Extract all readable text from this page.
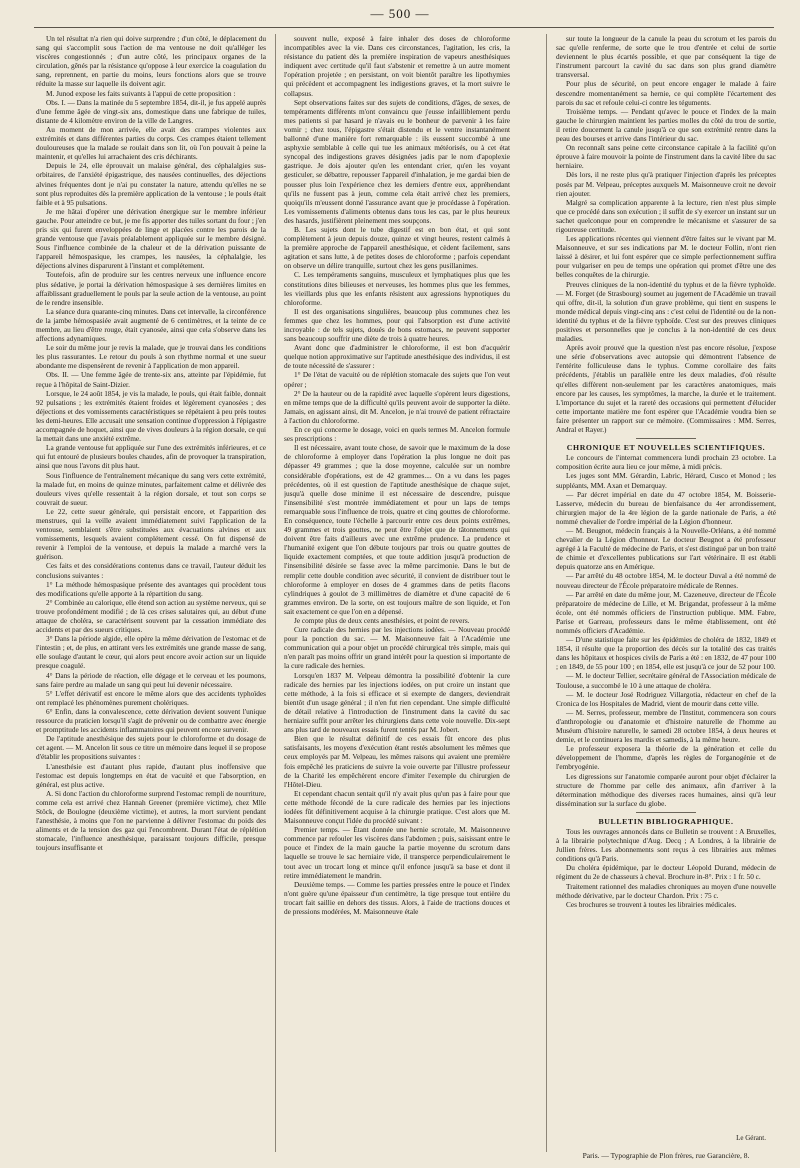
— 500 —

Un tel résultat n'a rien qui doive surprendre ; d'un côté, le déplacement du sang qui s'accomplit sous l'action de ma ventouse ne doit qu'alléger les viscères congestionnés ; d'un autre côté, les principaux organes de la circulation, gênés par la résistance qu'oppose à leur exercice la coagulation du sang, reprennent, en partie du moins, leurs fonctions alors que se trouve réduite la masse sur laquelle ils doivent agir.

M. Junod expose les faits suivants à l'appui de cette proposition :

Obs. I. — Dans la matinée du 5 septembre 1854, dit-il, je fus appelé auprès d'une femme âgée de vingt-six ans, domestique dans une fabrique de tuiles, distante de 4 kilomètre environ de la ville de Langres.

Au moment de mon arrivée, elle avait des crampes violentes aux extrémités et dans différentes parties du corps. Ces crampes étaient tellement douloureuses que la malade se roulait dans son lit, où l'on pouvait à peine la maintenir, et qu'elles lui arrachaient des cris déchirants.

Depuis le 24, elle éprouvait un malaise général, des céphalalgies sus-orbitaires, de l'anxiété épigastrique, des nausées continuelles, des déjections alvines fréquentes dont je n'ai pu constater la nature, attendu qu'elles ne se sont plus reproduites dès la première application de la ventouse ; le pouls était faible et à 95 pulsations.

Je me hâtai d'opérer une dérivation énergique sur le membre inférieur gauche. Pour atteindre ce but, je me fis apporter des tuiles sortant du four ; j'en pris six qui furent enveloppées de linge et placées contre les parois de la grande ventouse que j'avais préalablement appliquée sur le membre désigné. Sous l'influence combinée de la chaleur et de la dérivation puissante de l'appareil hémospasique, les crampes, les nausées, la céphalalgie, les déjections alvines disparurent à l'instant et complétement.

Toutefois, afin de produire sur les centres nerveux une influence encore plus sédative, je portai la dérivation hémospasique à ses dernières limites en affaiblissant graduellement le pouls par la seule action de la ventouse, au point de le rendre insensible.

La séance dura quarante-cinq minutes. Dans cet intervalle, la circonférence de la jambe hémospasiée avait augmenté de 6 centimètres, et la teinte de ce membre, au lieu d'être rouge, était cyanosée, ainsi que cela s'observe dans les affections adynamiques.

Le soir du même jour je revis la malade, que je trouvai dans les conditions les plus rassurantes. Le retour du pouls à son rhythme normal et une sueur abondante me dispensèrent de revenir à l'application de mon appareil.

Obs. II. — Une femme âgée de trente-six ans, atteinte par l'épidémie, fut reçue à l'hôpital de Saint-Dizier.

Lorsque, le 24 août 1854, je vis la malade, le pouls, qui était faible, donnait 92 pulsations ; les extrémités étaient froides et légèrement cyanosées ; des déjections et des vomissements caractéristiques se répétaient à peu près toutes les demi-heures. Elle accusait une sensation continue d'oppression à l'épigastre accompagnée de hoquet, ainsi que de vives douleurs à la région dorsale, ce qui la mettait dans une anxiété extrême.

La grande ventouse fut appliquée sur l'une des extrémités inférieures, et ce qui fut entouré de plusieurs boules chaudes, afin de provoquer la transpiration, ainsi que nous l'avons dit plus haut.

Sous l'influence de l'entraînement mécanique du sang vers cette extrémité, la malade fut, en moins de quinze minutes, parfaitement calme et délivrée des douleurs vives qu'elle ressentait à la région dorsale, et tout son corps se couvrait de sueur.

Le 22, cette sueur générale, qui persistait encore, et l'apparition des menstrues, qui la veille avaient immédiatement suivi l'application de la ventouse, semblaient s'être substituées aux évacuations alvines et aux vomissements, lesquels avaient complétement cessé. On fut dispensé de revenir à l'emploi de la ventouse, et depuis la malade a marché vers la guérison.

Ces faits et des considérations contenus dans ce travail, l'auteur déduit les conclusions suivantes :

1° La méthode hémospasique présente des avantages qui procèdent tous des modifications qu'elle apporte à la répartition du sang.

2° Combinée au calorique, elle étend son action au système nerveux, qui se trouve profondément modifié ; de là ces crises salutaires qui, au début d'une attaque de choléra, se caractérisent souvent par la cessation immédiate des accidents et par des sueurs critiques.

3° Dans la période algide, elle opère la même dérivation de l'estomac et de l'intestin ; et, de plus, en attirant vers les extrémités une grande masse de sang, elle soulage d'autant le cœur, qui alors peut encore avoir action sur un liquide presque coagulé.

4° Dans la période de réaction, elle dégage et le cerveau et les poumons, sans faire perdre au malade un sang qui peut lui devenir nécessaire.

5° L'effet dérivatif est encore le même alors que des accidents typhoïdes ont remplacé les phénomènes purement cholériques.

6° Enfin, dans la convalescence, cette dérivation devient souvent l'unique ressource du praticien lorsqu'il s'agit de prévenir ou de combattre avec énergie et promptitude les accidents inflammatoires qui peuvent encore survenir.

De l'aptitude anesthésique des sujets pour le chloroforme et du dosage de cet agent. — M. Ancelon lit sous ce titre un mémoire dans lequel il se propose d'établir les propositions suivantes :

L'anesthésie est d'autant plus rapide, d'autant plus inoffensive que l'estomac est depuis longtemps en état de vacuité et que l'absorption, en général, est plus active.

A. Si donc l'action du chloroforme surprend l'estomac rempli de nourriture, comme cela est arrivé chez Hannah Greener (première victime), chez Mlle Stöck, de Boulogne (deuxième victime), et autres, la mort survient pendant l'anesthésie, à moins que l'on ne parvienne à délivrer l'estomac du poids des aliments et de la tension des gaz qui l'encombrent. Durant l'état de réplétion stomacale, l'influence anesthésique, paraissant toujours difficile, presque toujours insuffisante et

souvent nulle, exposé à faire inhaler des doses de chloroforme incompatibles avec la vie. Dans ces circonstances, l'agitation, les cris, la résistance du patient dès la première inspiration de vapeurs anesthésiques indiquent avec certitude qu'il faut s'abstenir et remettre à un autre moment l'opération projetée ; en persistant, on voit bientôt paraître les lipothymies qui précèdent et accompagnent les indigestions graves, et la mort suivre le collapsus.

Sept observations faites sur des sujets de conditions, d'âges, de sexes, de tempéraments différents m'ont convaincu que j'eusse infailliblement perdu mes patients si par hasard je n'avais eu le bonheur de parvenir à les faire vomir ; chez tous, l'épigastre s'était distendu et le ventre instantanément ballonné d'une manière fort remarquable : ils eussent succombé à une asphyxie semblable à celle qui tue les animaux météorisés, ou à cet état syncopal des indigestions graves désignées jadis par le nom d'apoplexie gastrique. Je dois ajouter qu'en les entendant crier, qu'en les voyant gesticuler, se débattre, repousser l'appareil d'inhalation, je me gardai bien de pousser plus loin l'expérience chez les derniers d'entre eux, appréhendant qu'ils ne fussent pas à jeun, comme cela était arrivé chez les premiers, quoiqu'ils m'eussent donné l'assurance avant que je procédasse à l'opération. Les vomissements d'aliments obtenus dans tous les cas, par le plus heureux des hasards, justifièrent pleinement mes soupçons.

B. Les sujets dont le tube digestif est en bon état, et qui sont complètement à jeun depuis douze, quinze et vingt heures, restent calmés à la première approche de l'appareil anesthésique, et cèdent facilement, sans agitation et sans lutte, à de petites doses de chloroforme ; parfois cependant on observe un délire tranquille, surtout chez les gens pusillanimes.

C. Les tempéraments sanguins, musculeux et lymphatiques plus que les constitutions dites bilieuses et nerveuses, les hommes plus que les femmes, les vieillards plus que les enfants résistent aux agressions hypnotiques du chloroforme.

Il est des organisations singulières, beaucoup plus communes chez les femmes que chez les hommes, pour qui l'absorption est d'une activité incroyable : de tels sujets, doués de bons estomacs, ne peuvent supporter sans beaucoup souffrir une diète de trois à quatre heures.

Avant donc que d'administrer le chloroforme, il est bon d'acquérir quelque notion approximative sur l'aptitude anesthésique des individus, il est de toute nécessité de s'assurer :

1° De l'état de vacuité ou de réplétion stomacale des sujets que l'on veut opérer ;

2° De la hauteur ou de la rapidité avec laquelle s'opèrent leurs digestions, en même temps que de la difficulté qu'ils peuvent avoir de supporter la diète. Jamais, en agissant ainsi, dit M. Ancelon, je n'ai trouvé de patient réfractaire à l'action du chloroforme.

En ce qui concerne le dosage, voici en quels termes M. Ancelon formule ses prescriptions :

Il est nécessaire, avant toute chose, de savoir que le maximum de la dose de chloroforme à employer dans l'opération la plus longue ne doit pas dépasser 49 grammes ; que la dose moyenne, calculée sur un nombre considérable d'opérations, est de 42 grammes.... On a vu dans les pages précédentes, où il est question de l'aptitude anesthésique de chaque sujet, jusqu'à quelle dose minime il est nécessaire de descendre, puisque l'insensibilité s'est montrée immédiatement et pour un laps de temps remarquable sous l'influence de trois, quatre et cinq gouttes de chloroforme. En conséquence, toute l'échelle à parcourir entre ces deux points extrêmes, 49 grammes et trois gouttes, ne peut être l'objet que de tâtonnements qui doivent être faits d'ailleurs avec une extrême prudence. La prudence et l'humanité exigent que l'on débute toujours par trois ou quatre gouttes de liquide exactement comptées, et que toute addition jusqu'à production de l'insensibilité désirée se fasse avec la même parcimonie. Dans le but de remplir cette double condition avec sécurité, il convient de distribuer tout le chloroforme à employer en doses de 4 grammes dans de petits flacons cylindriques à goulot de 3 millimètres de diamètre et d'une capacité de 6 grammes environ. De la sorte, on est toujours maître de son liquide, et l'on sait exactement ce que l'on en a dépensé.

Je compte plus de deux cents anesthésies, et point de revers.

Cure radicale des hernies par les injections iodées. — Nouveau procédé pour la ponction du sac. — M. Maisonneuve fait à l'Académie une communication qui a pour objet un procédé chirurgical très simple, mais qui n'en paraît pas moins offrir un grand intérêt pour la question si importante de la cure radicale des hernies.

Lorsqu'en 1837 M. Velpeau démontra la possibilité d'obtenir la cure radicale des hernies par les injections iodées, on put croire un instant que cette méthode, à la fois si efficace et si exempte de dangers, deviendrait bientôt d'un usage général ; il n'en fut rien cependant. Une simple difficulté de détail relative à l'introduction de l'instrument dans la cavité du sac herniaire suffit pour arrêter les chirurgiens dans cette voie nouvelle. Dix-sept ans plus tard de nouveaux essais furent tentés par M. Jobert.

Bien que le résultat définitif de ces essais fût encore des plus satisfaisants, les moyens d'exécution étant restés absolument les mêmes que ceux employés par M. Velpeau, les mêmes raisons qui avaient une première fois empêché les praticiens de suivre la voie ouverte par l'illustre professeur de la Charité les empêchèrent encore d'imiter l'exemple du chirurgien de l'Hôtel-Dieu.

Et cependant chacun sentait qu'il n'y avait plus qu'un pas à faire pour que cette méthode fécondé de la cure radicale des hernies par les injections iodées fût définitivement acquise à la chirurgie pratique. C'est alors que M. Maisonneuve conçut l'idée du procédé suivant :

Premier temps. — Étant donnée une hernie scrotale, M. Maisonneuve commence par refouler les viscères dans l'abdomen ; puis, saisissant entre le pouce et l'index de la main gauche la partie moyenne du scrotum dans laquelle se trouve le sac herniaire vide, il transperce perpendiculairement le tout avec un trocart long et mince qu'il enfonce jusqu'à sa base et dont il retire immédiatement le mandrin.

Deuxième temps. — Comme les parties pressées entre le pouce et l'index n'ont guère qu'une épaisseur d'un centimètre, la tige presque tout entière du trocart fait saillie en dehors des tissus. Alors, à l'aide de tractions douces et de pressions modérées, M. Maisonneuve étale

sur toute la longueur de la canule la peau du scrotum et les parois du sac qu'elle renferme, de sorte que le trou d'entrée et celui de sortie deviennent le plus écartés possible, et que par conséquent la tige de l'instrument parcourt la cavité du sac dans son plus grand diamètre transversal.

Pour plus de sécurité, on peut encore engager le malade à faire descendre momentanément sa hernie, ce qui complète l'écartement des parois du sac et refoule celui-ci contre les téguments.

Troisième temps. — Pendant qu'avec le pouce et l'index de la main gauche le chirurgien maintient les parties molles du côté du trou de sortie, il retire doucement la canule jusqu'à ce que son extrémité rentre dans la peau des bourses et arrive dans l'intérieur du sac.

On reconnaît sans peine cette circonstance capitale à la facilité qu'on éprouve à faire mouvoir la pointe de l'instrument dans la cavité libre du sac herniaire.

Dès lors, il ne reste plus qu'à pratiquer l'injection d'après les préceptes posés par M. Velpeau, préceptes auxquels M. Maisonneuve croit ne devoir rien ajouter.

Malgré sa complication apparente à la lecture, rien n'est plus simple que ce procédé dans son exécution ; il suffit de s'y exercer un instant sur un sachet quelconque pour en comprendre le mécanisme et s'assurer de sa rigoureuse certitude.

Les applications récentes qui viennent d'être faites sur le vivant par M. Maisonneuve, et sur ses indications par M. le docteur Follin, n'ont rien laissé à désirer, et lui font espérer que ce simple perfectionnement suffira pour vulgariser en peu de temps une opération qui promet d'être une des belles conquêtes de la chirurgie.

Preuves cliniques de la non-identité du typhus et de la fièvre typhoïde. — M. Forget (de Strasbourg) soumet au jugement de l'Académie un travail qui offre, dit-il, la solution d'un grave problème, qui tient en suspens le monde médical depuis vingt-cinq ans : c'est celui de l'identité ou de la non-identité du typhus et de la fièvre typhoïde. C'est sur des preuves cliniques positives et personnelles que je conclus à la non-identité de ces deux maladies.

Après avoir prouvé que la question n'est pas encore résolue, j'expose une série d'observations avec autopsie qui démontrent l'absence de l'entérite folliculeuse dans le typhus. Comme corollaire des faits précédents, j'établis un parallèle entre les deux maladies, d'où résulte qu'elles diffèrent non-seulement par les caractères anatomiques, mais encore par les causes, les symptômes, la marche, la durée et le traitement. L'importance du sujet et la rareté des occasions qui permettent d'élucider cette importante matière me font espérer que l'Académie voudra bien se faire présenter un rapport sur ce mémoire. (Commissaires : MM. Serres, Andral et Rayer.)

CHRONIQUE ET NOUVELLES SCIENTIFIQUES.

Le concours de l'internat commencera lundi prochain 23 octobre. La composition écrite aura lieu ce jour même, à midi précis.

Les juges sont MM. Gérardin, Labric, Hérard, Cusco et Monod ; les suppléants, MM. Axan et Demarquay.

— Par décret impérial en date du 47 octobre 1854, M. Boisserie-Lasserve, médecin du bureau de bienfaisance du 4er arrondissement, chirurgien major de la 4re légion de la garde nationale de Paris, a été nommé chevalier de l'ordre impérial de la Légion d'honneur.

— M. Beugnot, médecin français à la Nouvelle-Orléans, a été nommé chevalier de la Légion d'honneur. Le docteur Beugnot a été professeur agrégé à la Faculté de médecine de Paris, et s'est distingué par un bon traité de chimie et d'excellentes publications sur l'art vétérinaire. Il est établi depuis quatorze ans en Amérique.

— Par arrêté du 48 octobre 1854, M. le docteur Duval a été nommé de nouveau directeur de l'École préparatoire médicale de Rennes.

— Par arrêté en date du même jour, M. Cazeneuve, directeur de l'École préparatoire de médecine de Lille, et M. Brigandat, professeur à la même école, ont été nommés officiers de l'instruction publique. MM. Fabre, Parise et Garreau, professeurs dans le même établissement, ont été nommés officiers d'Académie.

— D'une statistique faite sur les épidémies de choléra de 1832, 1849 et 1854, il résulte que la proportion des décès sur la totalité des cas traités dans les hôpitaux et hospices civils de Paris a été : en 1832, de 47 pour 100 ; en 1849, de 55 pour 100 ; en 1854, elle est jusqu'à ce jour de 52 pour 100.

— M. le docteur Tellier, secrétaire général de l'Association médicale de Toulouse, a succombé le 10 à une attaque de choléra.

— M. le docteur José Rodriguez Villargotia, rédacteur en chef de la Cronica de los Hospitales de Madrid, vient de mourir dans cette ville.

— M. Serres, professeur, membre de l'Institut, commencera son cours d'anthropologie ou d'anatomie et d'histoire naturelle de l'homme au Muséum d'histoire naturelle, le samedi 28 octobre 1854, à deux heures et demie, et le continuera les mardis et samedis, à la même heure.

Le professeur exposera la théorie de la génération et celle du développement de l'homme, d'après les règles de l'organogénie et de l'embryogénie.

Les digressions sur l'anatomie comparée auront pour objet d'éclairer la structure de l'homme par celle des animaux, afin d'arriver à la détermination méthodique des diverses races humaines, ainsi qu'à leur dissémination sur la surface du globe.

BULLETIN BIBLIOGRAPHIQUE.

Tous les ouvrages annoncés dans ce Bulletin se trouvent : A Bruxelles, à la librairie polytechnique d'Aug. Decq ; A Londres, à la librairie de Jullien frères. Les abonnements sont reçus à ces librairies aux mêmes conditions qu'à Paris.

Du choléra épidémique, par le docteur Léopold Durand, médecin de régiment du 2e de chasseurs à cheval. Brochure in-8°. Prix : 1 fr. 50 c.

Traitement rationnel des maladies chroniques au moyen d'une nouvelle méthode dérivative, par le docteur Chardon. Prix : 75 c.

Ces brochures se trouvent à toutes les librairies médicales.

Le Gérant.
Paris. — Typographie de Plon frères, rue Garancière, 8.
